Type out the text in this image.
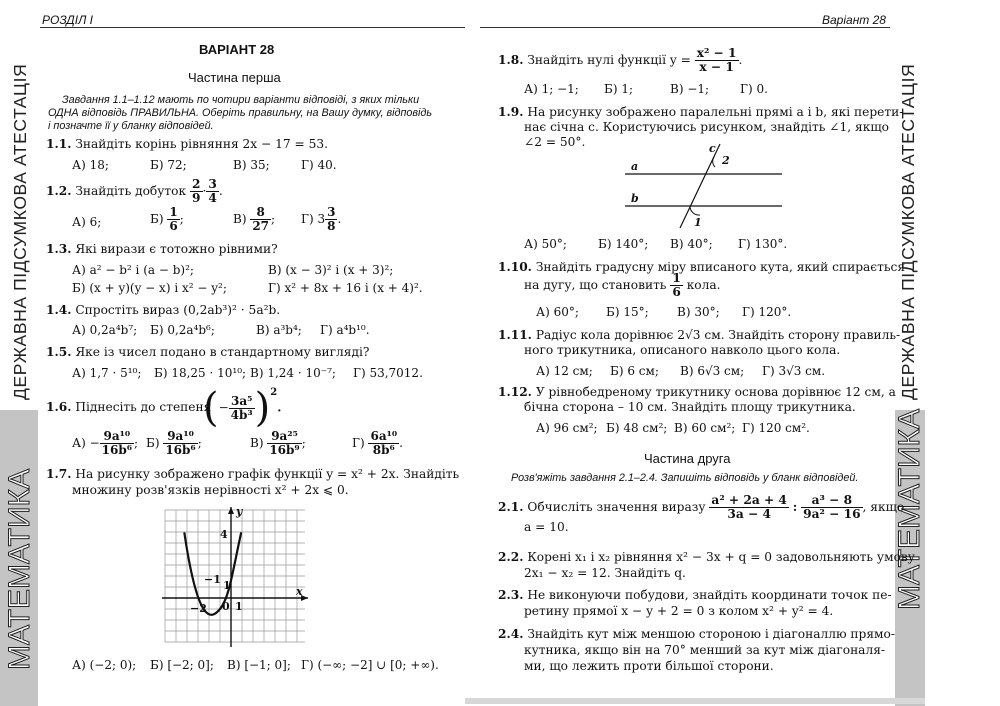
ДЕРЖАВНА ПІДСУМКОВА АТЕСТАЦІЯ
МАТЕМАТИКА
ДЕРЖАВНА ПІДСУМКОВА АТЕСТАЦІЯ
МАТЕМАТИКА
РОЗДІЛ І	Варіант 28
ВАРІАНТ 28
Частина перша
Завдання 1.1–1.12 мають по чотири варіанти відповіді, з яких тільки
ОДНА відповідь ПРАВИЛЬНА. Оберіть правильну, на Вашу думку, відповідь
і позначте її у бланку відповідей.
1.1. Знайдіть корінь рівняння 2x − 17 = 53.
А) 18;	Б) 72;	В) 35;	Г) 40.
1.2. Знайдіть добуток $\frac{2}{9} \cdot \frac{3}{4}$ .
А) 6;	$Б) \frac{1}{6}$ ;	$В) \frac{8}{27}$ ; Г) $3 \frac{3}{8}$ .
1.3. Які вирази є тотожно рівними?
А) a² − b² і (a − b)²;	В) (x − 3)² і (x + 3)²;
Б) (x + y)(y − x) і x² − y²;	Г) x² + 8x + 16 і (x + 4)².
1.4. Спростіть вираз (0,2ab³)² · 5a²b.
А) 0,2a⁴b⁷; Б) 0,2a⁴b⁶;	В) a³b⁴; Г) a⁴b¹⁰.
1.5. Яке із чисел подано в стандартному вигляді?
А) 1,7 · 5¹⁰; Б) 18,25 · 10¹⁰; В) 1,24 · 10⁻⁷; Г) 53,7012.
1.6. Піднесіть до степеня
(− $\frac{\text{3a⁵}}{\text{4b³}} )^2$.
$А) - \frac{\text{9a¹⁰}}{\text{16b⁶}}$ ; $Б) \frac{\text{9a¹⁰}}{\text{16b⁶}}$ ;	$В) \frac{\text{9a²⁵}}{\text{16b⁹}}$ ;	$Г) \frac{\text{6a¹⁰}}{\text{8b⁶}}$ .
1.7. На рисунку зображено графік функції y = x² + 2x. Знайдіть
множину розв'язків нерівності x² + 2x ⩽ 0.
y
x
4
−1 1
−2 0 1
А) (−2; 0); Б) [−2; 0]; В) [−1; 0]; Г) (−∞; −2] ∪ [0; +∞).
1.8. Знайдіть нулі функції $y = \frac{\text{x² − 1}}{x - 1}$ .
А) 1; −1; Б) 1;	В) −1;	Г) 0.
1.9. На рисунку зображено паралельні прямі a і b, які перети-
нає січна c. Користуючись рисунком, знайдіть ∠1, якщо
∠2 = 50°.
a
b
c
2
1
А) 50°;	Б) 140°; В) 40°; Г) 130°.
1.10. Знайдіть градусну міру вписаного кута, який спирається
на дугу, що становить $\frac{1}{6}$ кола.
А) 60°; Б) 15°; В) 30°; Г) 120°.
1.11. Радіус кола дорівнює 2√3 см. Знайдіть сторону правиль-
ного трикутника, описаного навколо цього кола.
А) 12 см; Б) 6 см; В) 6√3 см; Г) 3√3 см.
1.12. У рівнобедреному трикутнику основа дорівнює 12 см, а
бічна сторона – 10 см. Знайдіть площу трикутника.
А) 96 см²; Б) 48 см²; В) 60 см²; Г) 120 см².
Частина друга
Розв'яжіть завдання 2.1–2.4. Запишіть відповідь у бланк відповідей.
2.1. Обчисліть значення виразу $\frac{\text{a² + 2a + 4}}{3a - 4}$ : $\frac{\text{a³ − 8}}{\text{9a² − 16}}$ , якщо
a = 10.
2.2. Корені x₁ і x₂ рівняння x² − 3x + q = 0 задовольняють умову
2x₁ − x₂ = 12. Знайдіть q.
2.3. Не виконуючи побудови, знайдіть координати точок пе-
ретину прямої x − y + 2 = 0 з колом x² + y² = 4.
2.4. Знайдіть кут між меншою стороною і діагоналлю прямо-
кутника, якщо він на 70° менший за кут між діагоналя-
ми, що лежить проти більшої сторони.
